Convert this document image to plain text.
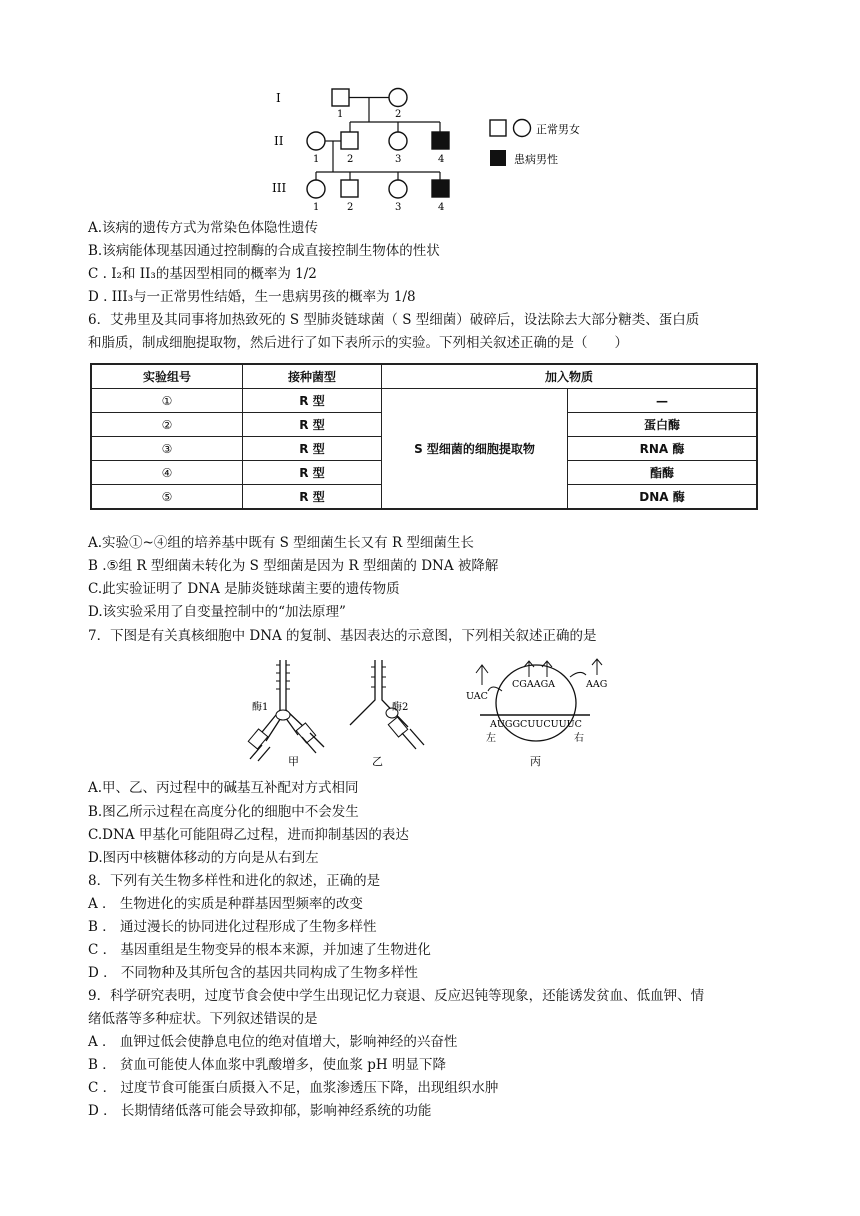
I
II
III
1	2
1	2	3	4
1	2	3	4
正常男女
患病男性
A.该病的遗传方式为常染色体隐性遗传
B.该病能体现基因通过控制酶的合成直接控制生物体的性状
C . I₂和 II₃的基因型相同的概率为 1/2
D . III₃与一正常男性结婚，生一患病男孩的概率为 1/8
6．艾弗里及其同事将加热致死的 S 型肺炎链球菌（ S 型细菌）破碎后，设法除去大部分糖类、蛋白质
和脂质，制成细胞提取物，然后进行了如下表所示的实验。下列相关叙述正确的是（　　）
实验组号	接种菌型	加入物质	
①	R 型	S 型细菌的细胞提取物	—
②	R 型		蛋白酶
③	R 型		RNA 酶
④	R 型		酯酶
⑤	R 型		DNA 酶
A.实验①~④组的培养基中既有 S 型细菌生长又有 R 型细菌生长
B .⑤组 R 型细菌未转化为 S 型细菌是因为 R 型细菌的 DNA 被降解
C.此实验证明了 DNA 是肺炎链球菌主要的遗传物质
D.该实验采用了自变量控制中的“加法原理”
7．下图是有关真核细胞中 DNA 的复制、基因表达的示意图，下列相关叙述正确的是
酶1
甲
酶2
乙
AUGGCUUCUUUC
CGAAGA
UAC
AAG
左	右
丙
A.甲、乙、丙过程中的碱基互补配对方式相同
B.图乙所示过程在高度分化的细胞中不会发生
C.DNA 甲基化可能阻碍乙过程，进而抑制基因的表达
D.图丙中核糖体移动的方向是从右到左
8．下列有关生物多样性和进化的叙述，正确的是
A ． 生物进化的实质是种群基因型频率的改变
B ． 通过漫长的协同进化过程形成了生物多样性
C ． 基因重组是生物变异的根本来源，并加速了生物进化
D ． 不同物种及其所包含的基因共同构成了生物多样性
9．科学研究表明，过度节食会使中学生出现记忆力衰退、反应迟钝等现象，还能诱发贫血、低血钾、情
绪低落等多种症状。下列叙述错误的是
A ． 血钾过低会使静息电位的绝对值增大，影响神经的兴奋性
B ． 贫血可能使人体血浆中乳酸增多，使血浆 pH 明显下降
C ． 过度节食可能蛋白质摄入不足，血浆渗透压下降，出现组织水肿
D ． 长期情绪低落可能会导致抑郁，影响神经系统的功能
